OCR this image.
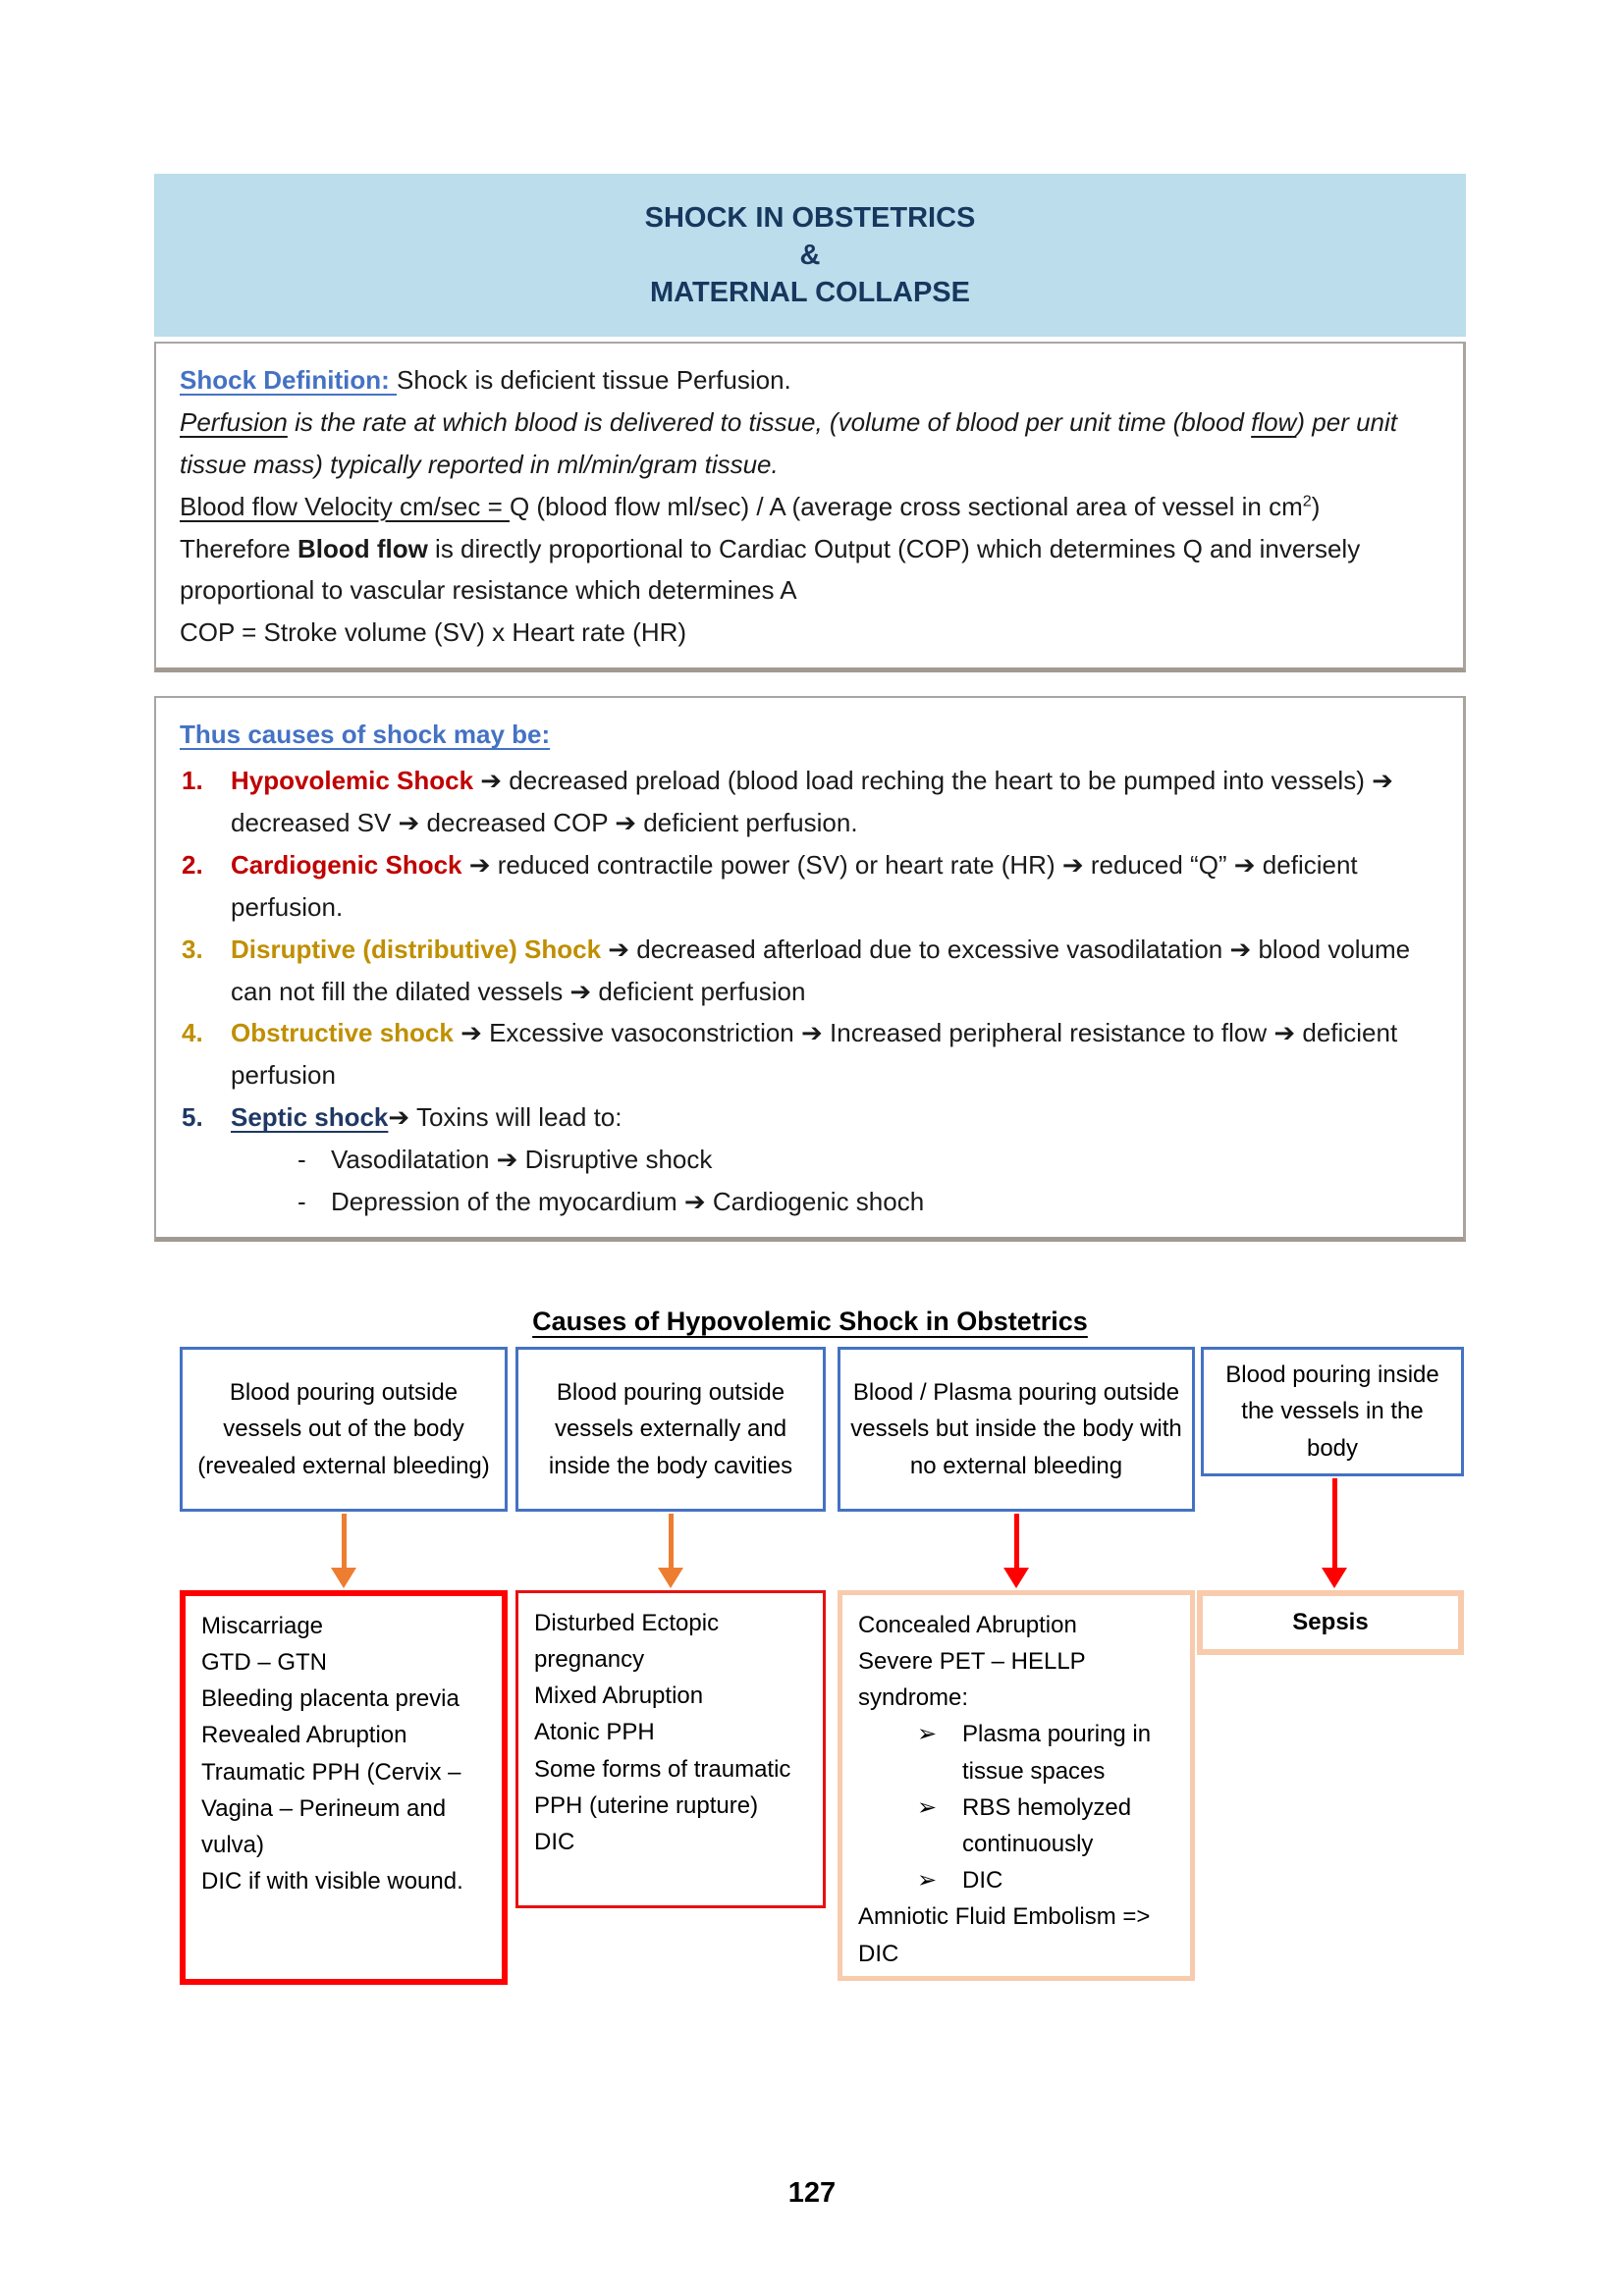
SHOCK IN OBSTETRICS
&
MATERNAL COLLAPSE

Shock Definition: Shock is deficient tissue Perfusion.

Perfusion is the rate at which blood is delivered to tissue, (volume of blood per unit time (blood flow) per unit tissue mass) typically reported in ml/min/gram tissue.

Blood flow Velocity cm/sec = Q (blood flow ml/sec) / A (average cross sectional area of vessel in $cm^2$)

Therefore Blood flow is directly proportional to Cardiac Output (COP) which determines Q and inversely proportional to vascular resistance which determines A

COP = Stroke volume (SV) x Heart rate (HR)

Thus causes of shock may be:
1. Hypovolemic Shock ➔ decreased preload (blood load reching the heart to be pumped into vessels) ➔ decreased SV ➔ decreased COP ➔ deficient perfusion.
2. Cardiogenic Shock ➔ reduced contractile power (SV) or heart rate (HR) ➔ reduced “Q” ➔ deficient perfusion.
3. Disruptive (distributive) Shock ➔ decreased afterload due to excessive vasodilatation ➔ blood volume can not fill the dilated vessels ➔ deficient perfusion
4. Obstructive shock ➔ Excessive vasoconstriction ➔ Increased peripheral resistance to flow ➔ deficient perfusion
5. Septic shock➔ Toxins will lead to:
- Vasodilatation ➔ Disruptive shock
- Depression of the myocardium ➔ Cardiogenic shoch
Causes of Hypovolemic Shock in Obstetrics
Blood pouring outside vessels out of the body (revealed external bleeding)
Blood pouring outside vessels externally and inside the body cavities
Blood / Plasma pouring outside vessels but inside the body with no external bleeding
Blood pouring inside the vessels in the body
Miscarriage
GTD – GTN
Bleeding placenta previa
Revealed Abruption
Traumatic PPH (Cervix – Vagina – Perineum and vulva)
DIC if with visible wound.
Disturbed Ectopic pregnancy
Mixed Abruption
Atonic PPH
Some forms of traumatic PPH (uterine rupture)
DIC
Concealed Abruption
Severe PET – HELLP syndrome:
➢ Plasma pouring in tissue spaces
➢ RBS hemolyzed continuously
➢ DIC
Amniotic Fluid Embolism => DIC
Sepsis
127
